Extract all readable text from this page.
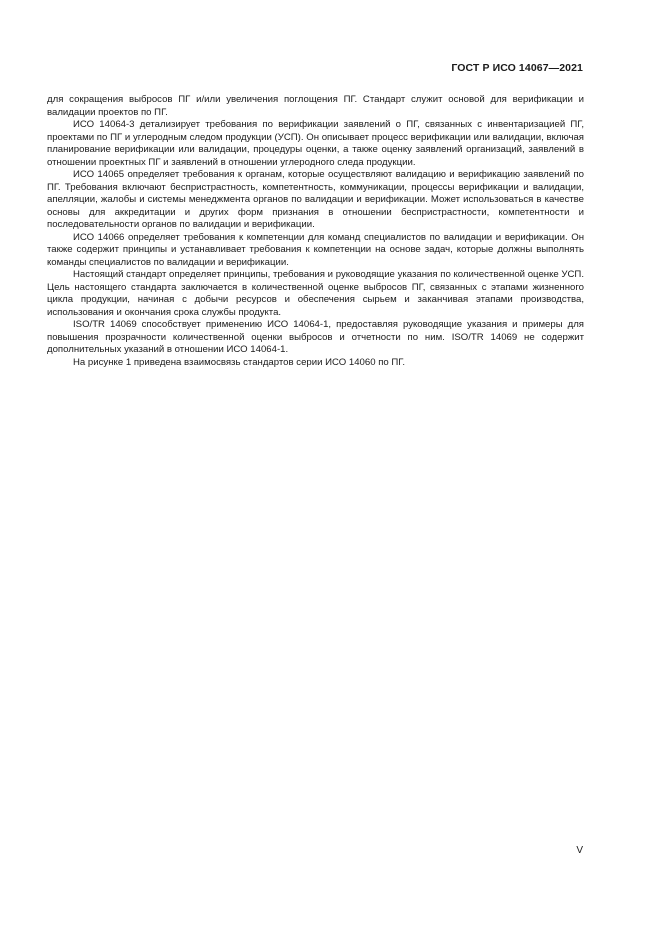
ГОСТ Р ИСО 14067—2021

для сокращения выбросов ПГ и/или увеличения поглощения ПГ. Стандарт служит основой для верификации и валидации проектов по ПГ.

ИСО 14064-3 детализирует требования по верификации заявлений о ПГ, связанных с инвентаризацией ПГ, проектами по ПГ и углеродным следом продукции (УСП). Он описывает процесс верификации или валидации, включая планирование верификации или валидации, процедуры оценки, а также оценку заявлений организаций, заявлений в отношении проектных ПГ и заявлений в отношении углеродного следа продукции.

ИСО 14065 определяет требования к органам, которые осуществляют валидацию и верификацию заявлений по ПГ. Требования включают беспристрастность, компетентность, коммуникации, процессы верификации и валидации, апелляции, жалобы и системы менеджмента органов по валидации и верификации. Может использоваться в качестве основы для аккредитации и других форм признания в отношении беспристрастности, компетентности и последовательности органов по валидации и верификации.

ИСО 14066 определяет требования к компетенции для команд специалистов по валидации и верификации. Он также содержит принципы и устанавливает требования к компетенции на основе задач, которые должны выполнять команды специалистов по валидации и верификации.

Настоящий стандарт определяет принципы, требования и руководящие указания по количественной оценке УСП. Цель настоящего стандарта заключается в количественной оценке выбросов ПГ, связанных с этапами жизненного цикла продукции, начиная с добычи ресурсов и обеспечения сырьем и заканчивая этапами производства, использования и окончания срока службы продукта.

ISO/TR 14069 способствует применению ИСО 14064-1, предоставляя руководящие указания и примеры для повышения прозрачности количественной оценки выбросов и отчетности по ним. ISO/TR 14069 не содержит дополнительных указаний в отношении ИСО 14064-1.

На рисунке 1 приведена взаимосвязь стандартов серии ИСО 14060 по ПГ.

V
